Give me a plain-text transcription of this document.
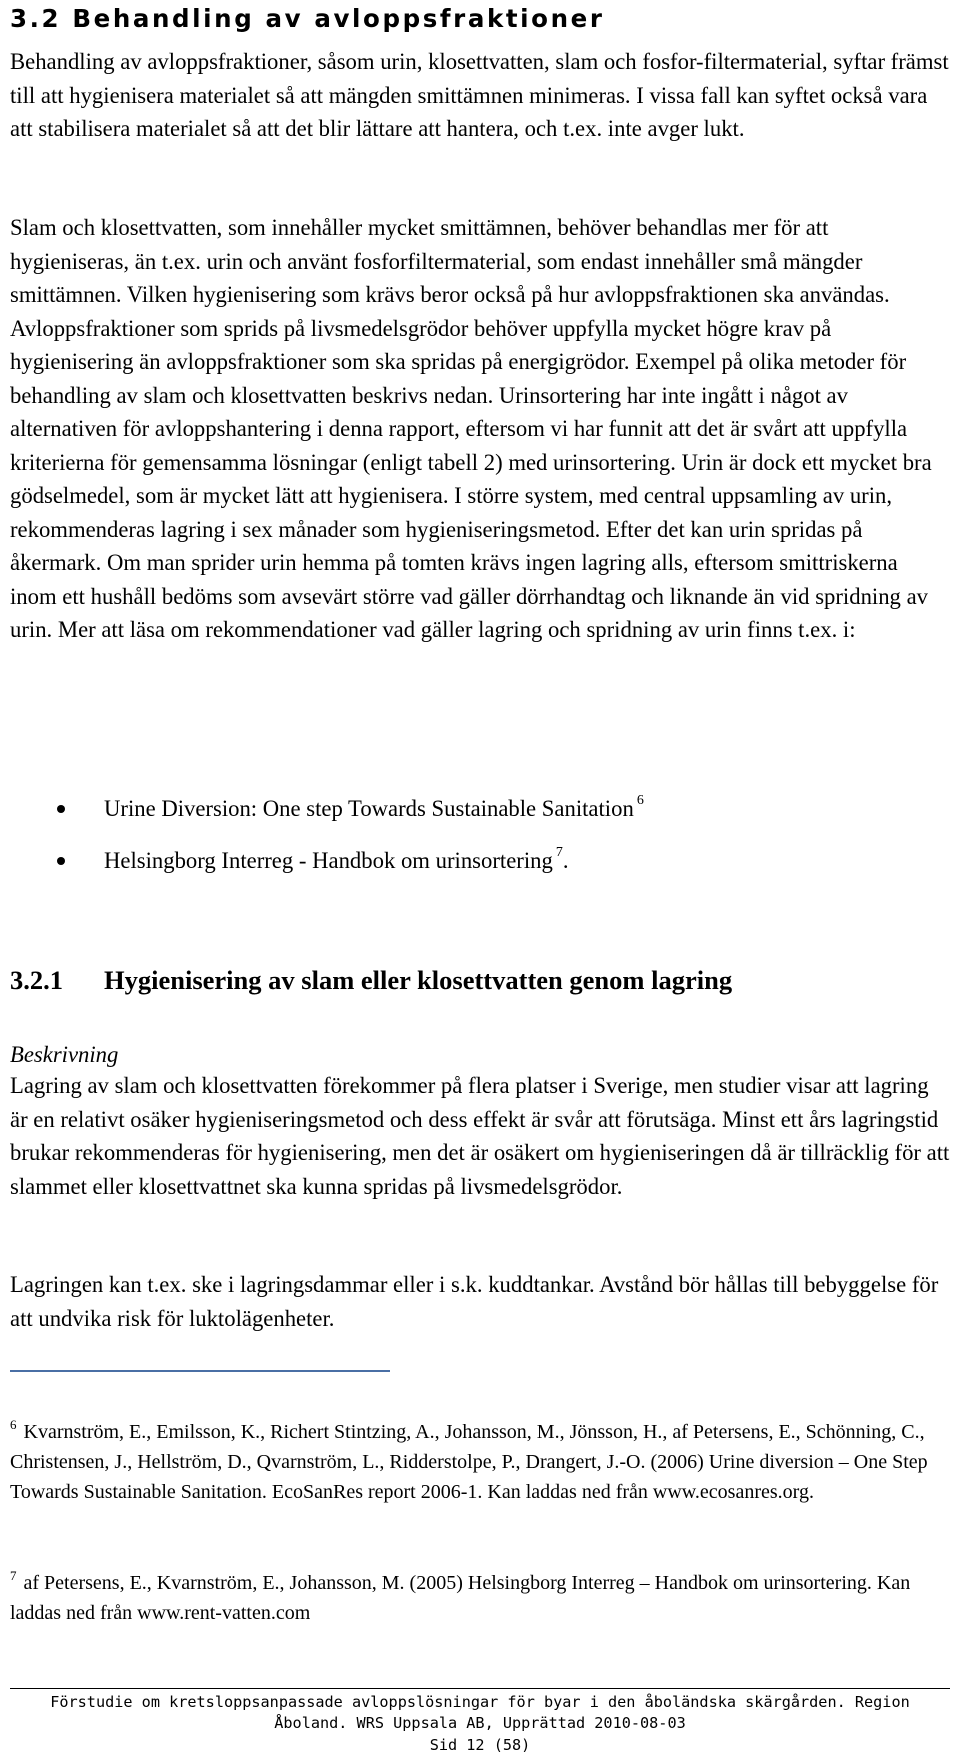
3.2 Behandling av avloppsfraktioner

Behandling av avloppsfraktioner, såsom urin, klosettvatten, slam och fosfor-filtermaterial, syftar främst till att hygienisera materialet så att mängden smittämnen minimeras. I vissa fall kan syftet också vara att stabilisera materialet så att det blir lättare att hantera, och t.ex. inte avger lukt.

Slam och klosettvatten, som innehåller mycket smittämnen, behöver behandlas mer för att hygieniseras, än t.ex. urin och använt fosforfiltermaterial, som endast innehåller små mängder smittämnen. Vilken hygienisering som krävs beror också på hur avloppsfraktionen ska användas. Avloppsfraktioner som sprids på livsmedelsgrödor behöver uppfylla mycket högre krav på hygienisering än avloppsfraktioner som ska spridas på energigrödor. Exempel på olika metoder för behandling av slam och klosettvatten beskrivs nedan. Urinsortering har inte ingått i något av alternativen för avloppshantering i denna rapport, eftersom vi har funnit att det är svårt att uppfylla kriterierna för gemensamma lösningar (enligt tabell 2) med urinsortering. Urin är dock ett mycket bra gödselmedel, som är mycket lätt att hygienisera. I större system, med central uppsamling av urin, rekommenderas lagring i sex månader som hygieniseringsmetod. Efter det kan urin spridas på åkermark. Om man sprider urin hemma på tomten krävs ingen lagring alls, eftersom smittriskerna inom ett hushåll bedöms som avsevärt större vad gäller dörrhandtag och liknande än vid spridning av urin. Mer att läsa om rekommendationer vad gäller lagring och spridning av urin finns t.ex. i:

Urine Diversion: One step Towards Sustainable Sanitation $^6$
Helsingborg Interreg - Handbok om urinsortering $^7$.
3.2.1 Hygienisering av slam eller klosettvatten genom lagring
Beskrivning

Lagring av slam och klosettvatten förekommer på flera platser i Sverige, men studier visar att lagring är en relativt osäker hygieniseringsmetod och dess effekt är svår att förutsäga. Minst ett års lagringstid brukar rekommenderas för hygienisering, men det är osäkert om hygieniseringen då är tillräcklig för att slammet eller klosettvattnet ska kunna spridas på livsmedelsgrödor.

Lagringen kan t.ex. ske i lagringsdammar eller i s.k. kuddtankar. Avstånd bör hållas till bebyggelse för att undvika risk för luktolägenheter.

$^6$ Kvarnström, E., Emilsson, K., Richert Stintzing, A., Johansson, M., Jönsson, H., af Petersens, E., Schönning, C., Christensen, J., Hellström, D., Qvarnström, L., Ridderstolpe, P., Drangert, J.-O. (2006) Urine diversion – One Step Towards Sustainable Sanitation. EcoSanRes report 2006-1. Kan laddas ned från www.ecosanres.org.

$^7$ af Petersens, E., Kvarnström, E., Johansson, M. (2005) Helsingborg Interreg – Handbok om urinsortering. Kan laddas ned från www.rent-vatten.com

Förstudie om kretsloppsanpassade avloppslösningar för byar i den åboländska skärgården. Region
Åboland. WRS Uppsala AB, Upprättad 2010-08-03
Sid 12 (58)
